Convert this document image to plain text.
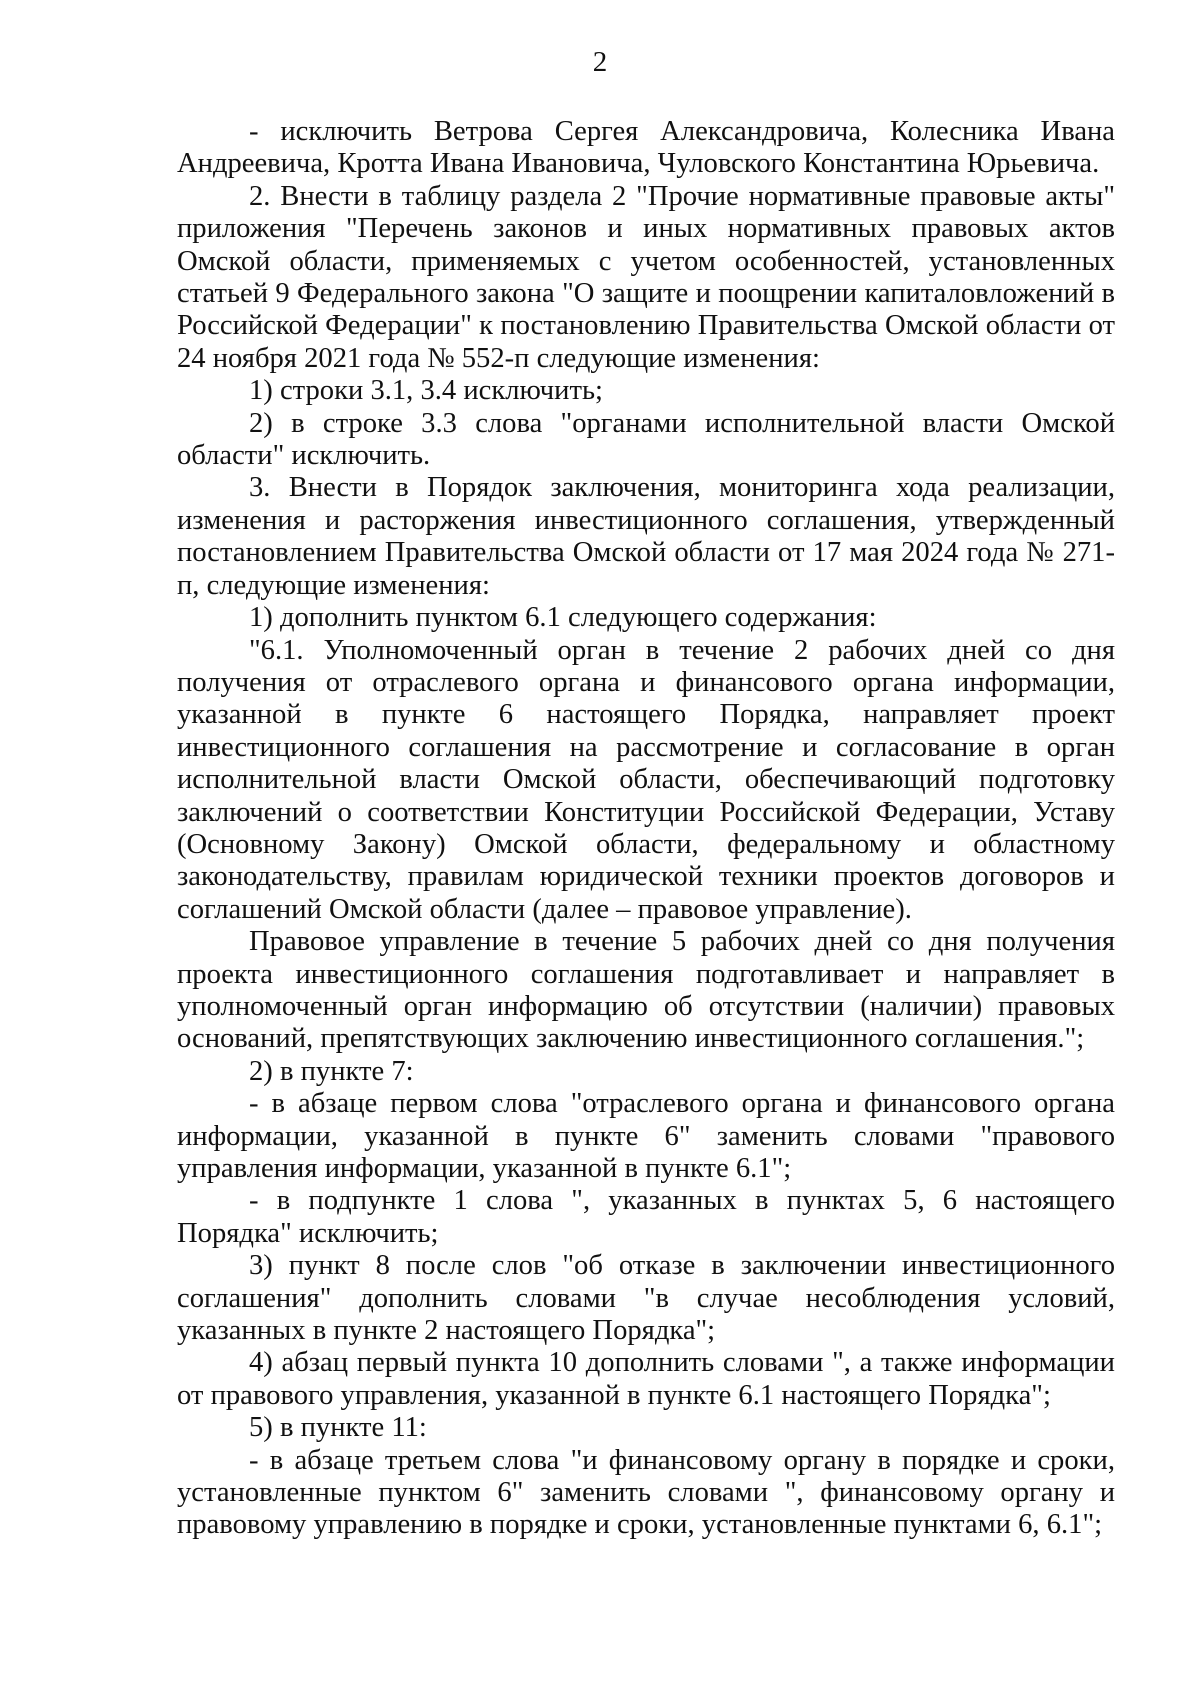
2

- исключить Ветрова Сергея Александровича, Колесника Ивана Андреевича, Кротта Ивана Ивановича, Чуловского Константина Юрьевича.

2. Внести в таблицу раздела 2 "Прочие нормативные правовые акты" приложения "Перечень законов и иных нормативных правовых актов Омской области, применяемых с учетом особенностей, установленных статьей 9 Федерального закона "О защите и поощрении капиталовложений в Российской Федерации" к постановлению Правительства Омской области от 24 ноября 2021 года № 552-п следующие изменения:

1) строки 3.1, 3.4 исключить;

2) в строке 3.3 слова "органами исполнительной власти Омской области" исключить.

3. Внести в Порядок заключения, мониторинга хода реализации, изменения и расторжения инвестиционного соглашения, утвержденный постановлением Правительства Омской области от 17 мая 2024 года № 271-п, следующие изменения:

1) дополнить пунктом 6.1 следующего содержания:

"6.1. Уполномоченный орган в течение 2 рабочих дней со дня получения от отраслевого органа и финансового органа информации, указанной в пункте 6 настоящего Порядка, направляет проект инвестиционного соглашения на рассмотрение и согласование в орган исполнительной власти Омской области, обеспечивающий подготовку заключений о соответствии Конституции Российской Федерации, Уставу (Основному Закону) Омской области, федеральному и областному законодательству, правилам юридической техники проектов договоров и соглашений Омской области (далее – правовое управление).

Правовое управление в течение 5 рабочих дней со дня получения проекта инвестиционного соглашения подготавливает и направляет в уполномоченный орган информацию об отсутствии (наличии) правовых оснований, препятствующих заключению инвестиционного соглашения.";

2) в пункте 7:

- в абзаце первом слова "отраслевого органа и финансового органа информации, указанной в пункте 6" заменить словами "правового управления информации, указанной в пункте 6.1";

- в подпункте 1 слова ", указанных в пунктах 5, 6 настоящего Порядка" исключить;

3) пункт 8 после слов "об отказе в заключении инвестиционного соглашения" дополнить словами "в случае несоблюдения условий, указанных в пункте 2 настоящего Порядка";

4) абзац первый пункта 10 дополнить словами ", а также информации от правового управления, указанной в пункте 6.1 настоящего Порядка";

5) в пункте 11:

- в абзаце третьем слова "и финансовому органу в порядке и сроки, установленные пунктом 6" заменить словами ", финансовому органу и правовому управлению в порядке и сроки, установленные пунктами 6, 6.1";
